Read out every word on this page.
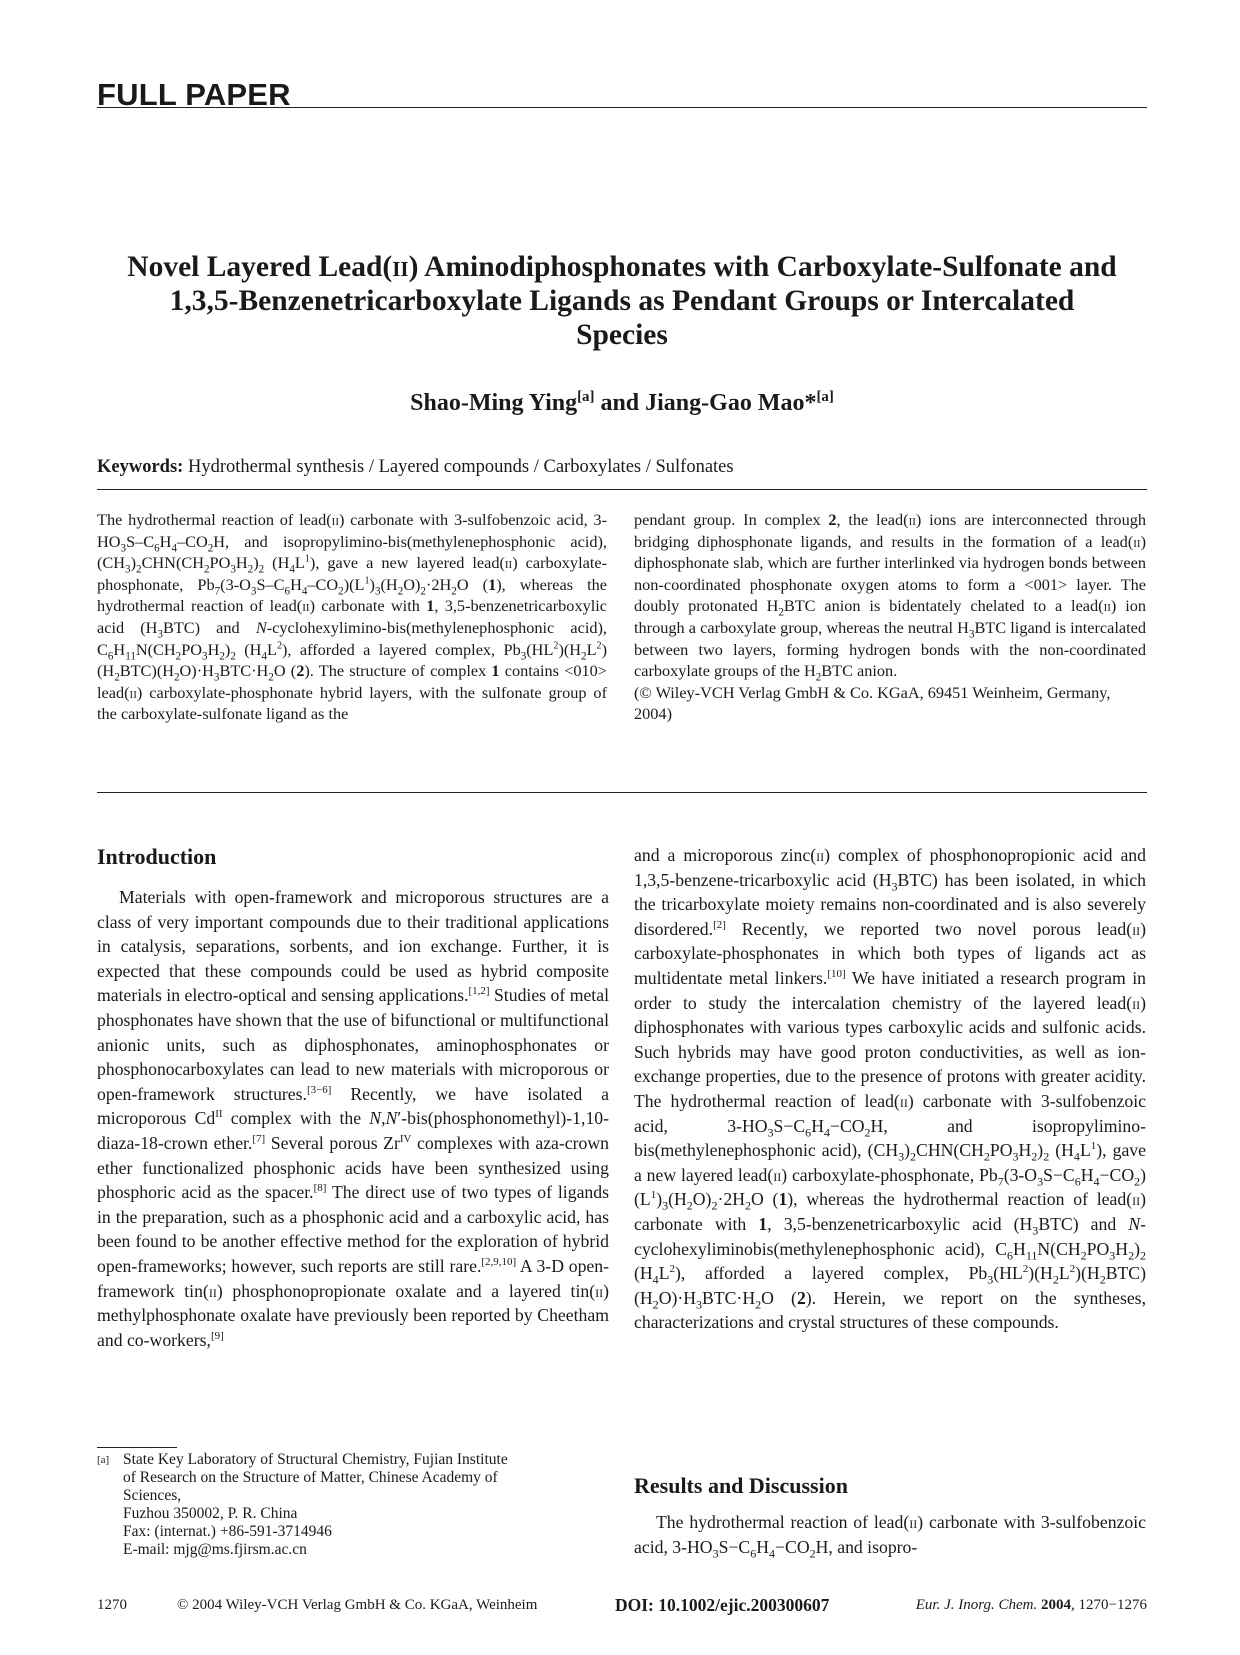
FULL PAPER
Novel Layered Lead(ii) Aminodiphosphonates with Carboxylate-Sulfonate and
1,3,5-Benzenetricarboxylate Ligands as Pendant Groups or Intercalated
Species
Shao-Ming Ying[a] and Jiang-Gao Mao*[a]
Keywords: Hydrothermal synthesis / Layered compounds / Carboxylates / Sulfonates
The hydrothermal reaction of lead(ii) carbonate with 3-sulfobenzoic acid, $3-HO_3S-C_6H_4-CO_2H$, and isopropylimino-bis(methylenephosphonic acid), $(CH_3)_2CHN(CH_2PO_3H_2)_2$ $(H_4L^1)$, gave a new layered lead(ii) carboxylate-phosphonate, $Pb_7(3-O_3S-C_6H_4-CO_2)(L^1)_3(H_2O)_2\cdot 2H_2O$ (1), whereas the hydrothermal reaction of lead(ii) carbonate with 1, 3,5-benzenetricarboxylic acid $(H_3BTC)$ and N-cyclohexylimino-bis(methylenephosphonic acid), $C_6H_{11}N(CH_2PO_3H_2)_2$ $(H_4L^2)$, afforded a layered complex, $Pb_3(HL^2)(H_2L^2)(H_2BTC)(H_2O)\cdot H_3BTC\cdot H_2O$ (2). The structure of complex 1 contains <010> lead(ii) carboxylate-phosphonate hybrid layers, with the sulfonate group of the carboxylate-sulfonate ligand as the
pendant group. In complex 2, the lead(ii) ions are interconnected through bridging diphosphonate ligands, and results in the formation of a lead(ii) diphosphonate slab, which are further interlinked via hydrogen bonds between non-coordinated phosphonate oxygen atoms to form a <001> layer. The doubly protonated $H_2BTC$ anion is bidentately chelated to a lead(ii) ion through a carboxylate group, whereas the neutral $H_3BTC$ ligand is intercalated between two layers, forming hydrogen bonds with the non-coordinated carboxylate groups of the $H_2BTC$ anion.
(© Wiley-VCH Verlag GmbH & Co. KGaA, 69451 Weinheim, Germany, 2004)
Introduction
Materials with open-framework and microporous structures are a class of very important compounds due to their traditional applications in catalysis, separations, sorbents, and ion exchange. Further, it is expected that these compounds could be used as hybrid composite materials in electro-optical and sensing applications.[1,2] Studies of metal phosphonates have shown that the use of bifunctional or multifunctional anionic units, such as diphosphonates, aminophosphonates or phosphonocarboxylates can lead to new materials with microporous or open-framework structures.[3−6] Recently, we have isolated a microporous $Cd^{II}$ complex with the N,N′-bis(phosphonomethyl)-1,10-diaza-18-crown ether.[7] Several porous $Zr^{IV}$ complexes with aza-crown ether functionalized phosphonic acids have been synthesized using phosphoric acid as the spacer.[8] The direct use of two types of ligands in the preparation, such as a phosphonic acid and a carboxylic acid, has been found to be another effective method for the exploration of hybrid open-frameworks; however, such reports are still rare.[2,9,10] A 3-D open-framework tin(ii) phosphonopropionate oxalate and a layered tin(ii) methylphosphonate oxalate have previously been reported by Cheetham and co-workers,[9]
and a microporous zinc(ii) complex of phosphonopropionic acid and 1,3,5-benzene-tricarboxylic acid $(H_3BTC)$ has been isolated, in which the tricarboxylate moiety remains non-coordinated and is also severely disordered.[2] Recently, we reported two novel porous lead(ii) carboxylate-phosphonates in which both types of ligands act as multidentate metal linkers.[10] We have initiated a research program in order to study the intercalation chemistry of the layered lead(ii) diphosphonates with various types carboxylic acids and sulfonic acids. Such hybrids may have good proton conductivities, as well as ion-exchange properties, due to the presence of protons with greater acidity. The hydrothermal reaction of lead(ii) carbonate with 3-sulfobenzoic acid, $3-HO_3S-C_6H_4-CO_2H$, and isopropylimino-bis(methylenephosphonic acid), $(CH_3)_2CHN(CH_2PO_3H_2)_2$ $(H_4L^1)$, gave a new layered lead(ii) carboxylate-phosphonate, $Pb_7(3-O_3S-C_6H_4-CO_2)(L^1)_3(H_2O)_2\cdot 2H_2O$ (1), whereas the hydrothermal reaction of lead(ii) carbonate with 1, 3,5-benzenetricarboxylic acid $(H_3BTC)$ and N-cyclohexyliminobis(methylenephosphonic acid), $C_6H_{11}N(CH_2PO_3H_2)_2$ $(H_4L^2)$, afforded a layered complex, $Pb_3(HL^2)(H_2L^2)(H_2BTC)(H_2O)\cdot H_3BTC\cdot H_2O$ (2). Herein, we report on the syntheses, characterizations and crystal structures of these compounds.
Results and Discussion
The hydrothermal reaction of lead(ii) carbonate with 3-sulfobenzoic acid, $3-HO_3S-C_6H_4-CO_2H$, and isopro-
[a] State Key Laboratory of Structural Chemistry, Fujian Institute
of Research on the Structure of Matter, Chinese Academy of
Sciences,
Fuzhou 350002, P. R. China
Fax: (internat.) +86-591-3714946
E-mail: mjg@ms.fjirsm.ac.cn
1270	© 2004 Wiley-VCH Verlag GmbH & Co. KGaA, Weinheim	DOI: 10.1002/ejic.200300607	Eur. J. Inorg. Chem. 2004, 1270−1276
